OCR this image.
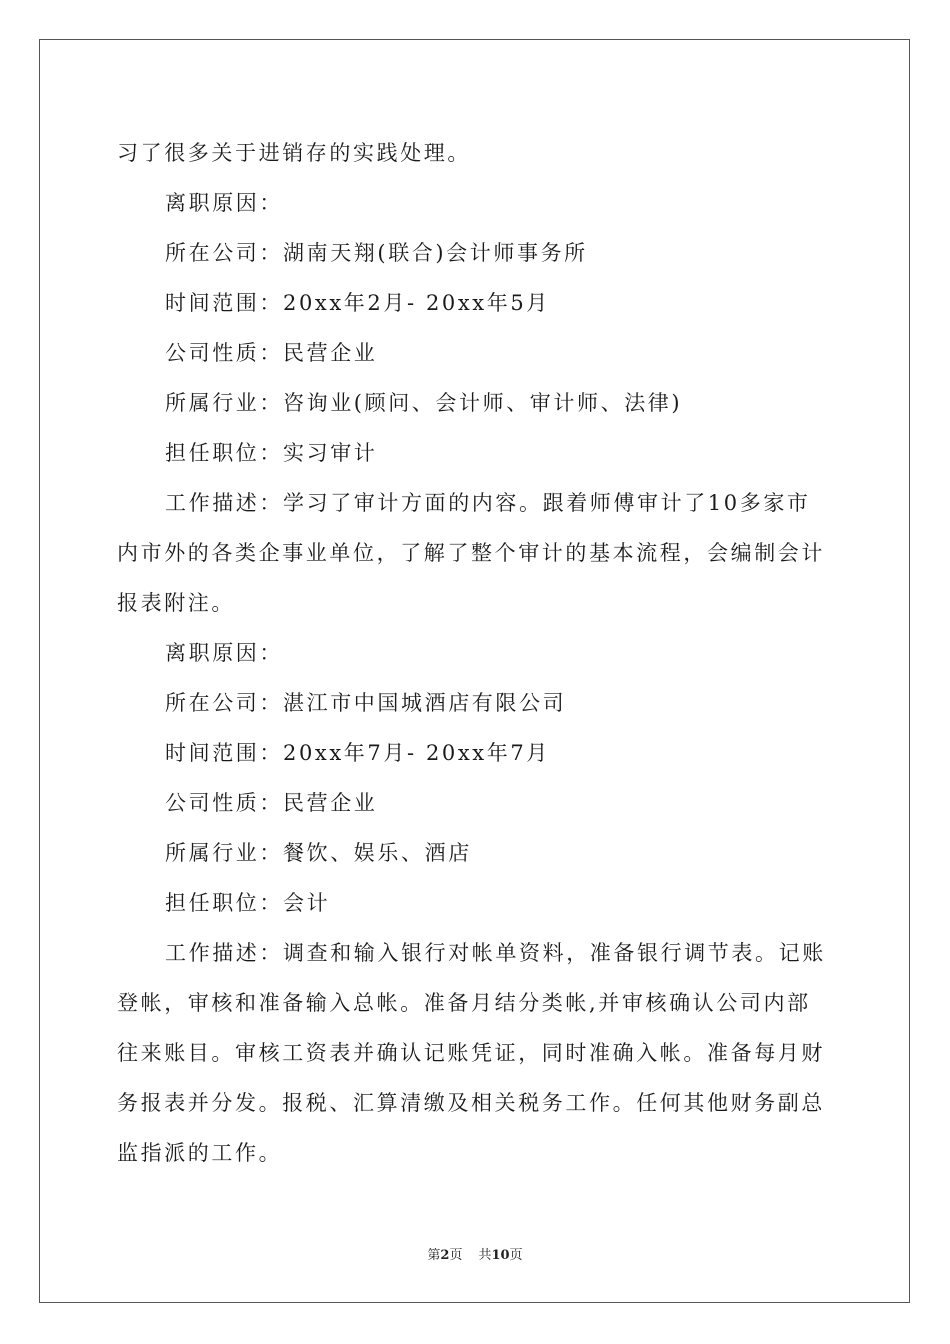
习了很多关于进销存的实践处理。
离职原因：
所在公司：湖南天翔(联合)会计师事务所
时间范围：20xx年2月- 20xx年5月
公司性质：民营企业
所属行业：咨询业(顾问、会计师、审计师、法律)
担任职位：实习审计
工作描述：学习了审计方面的内容。跟着师傅审计了10多家市
内市外的各类企事业单位，了解了整个审计的基本流程，会编制会计
报表附注。
离职原因：
所在公司：湛江市中国城酒店有限公司
时间范围：20xx年7月- 20xx年7月
公司性质：民营企业
所属行业：餐饮、娱乐、酒店
担任职位：会计
工作描述：调查和输入银行对帐单资料，准备银行调节表。记账
登帐，审核和准备输入总帐。准备月结分类帐,并审核确认公司内部
往来账目。审核工资表并确认记账凭证，同时准确入帐。准备每月财
务报表并分发。报税、汇算清缴及相关税务工作。任何其他财务副总
监指派的工作。
第2页 共10页
